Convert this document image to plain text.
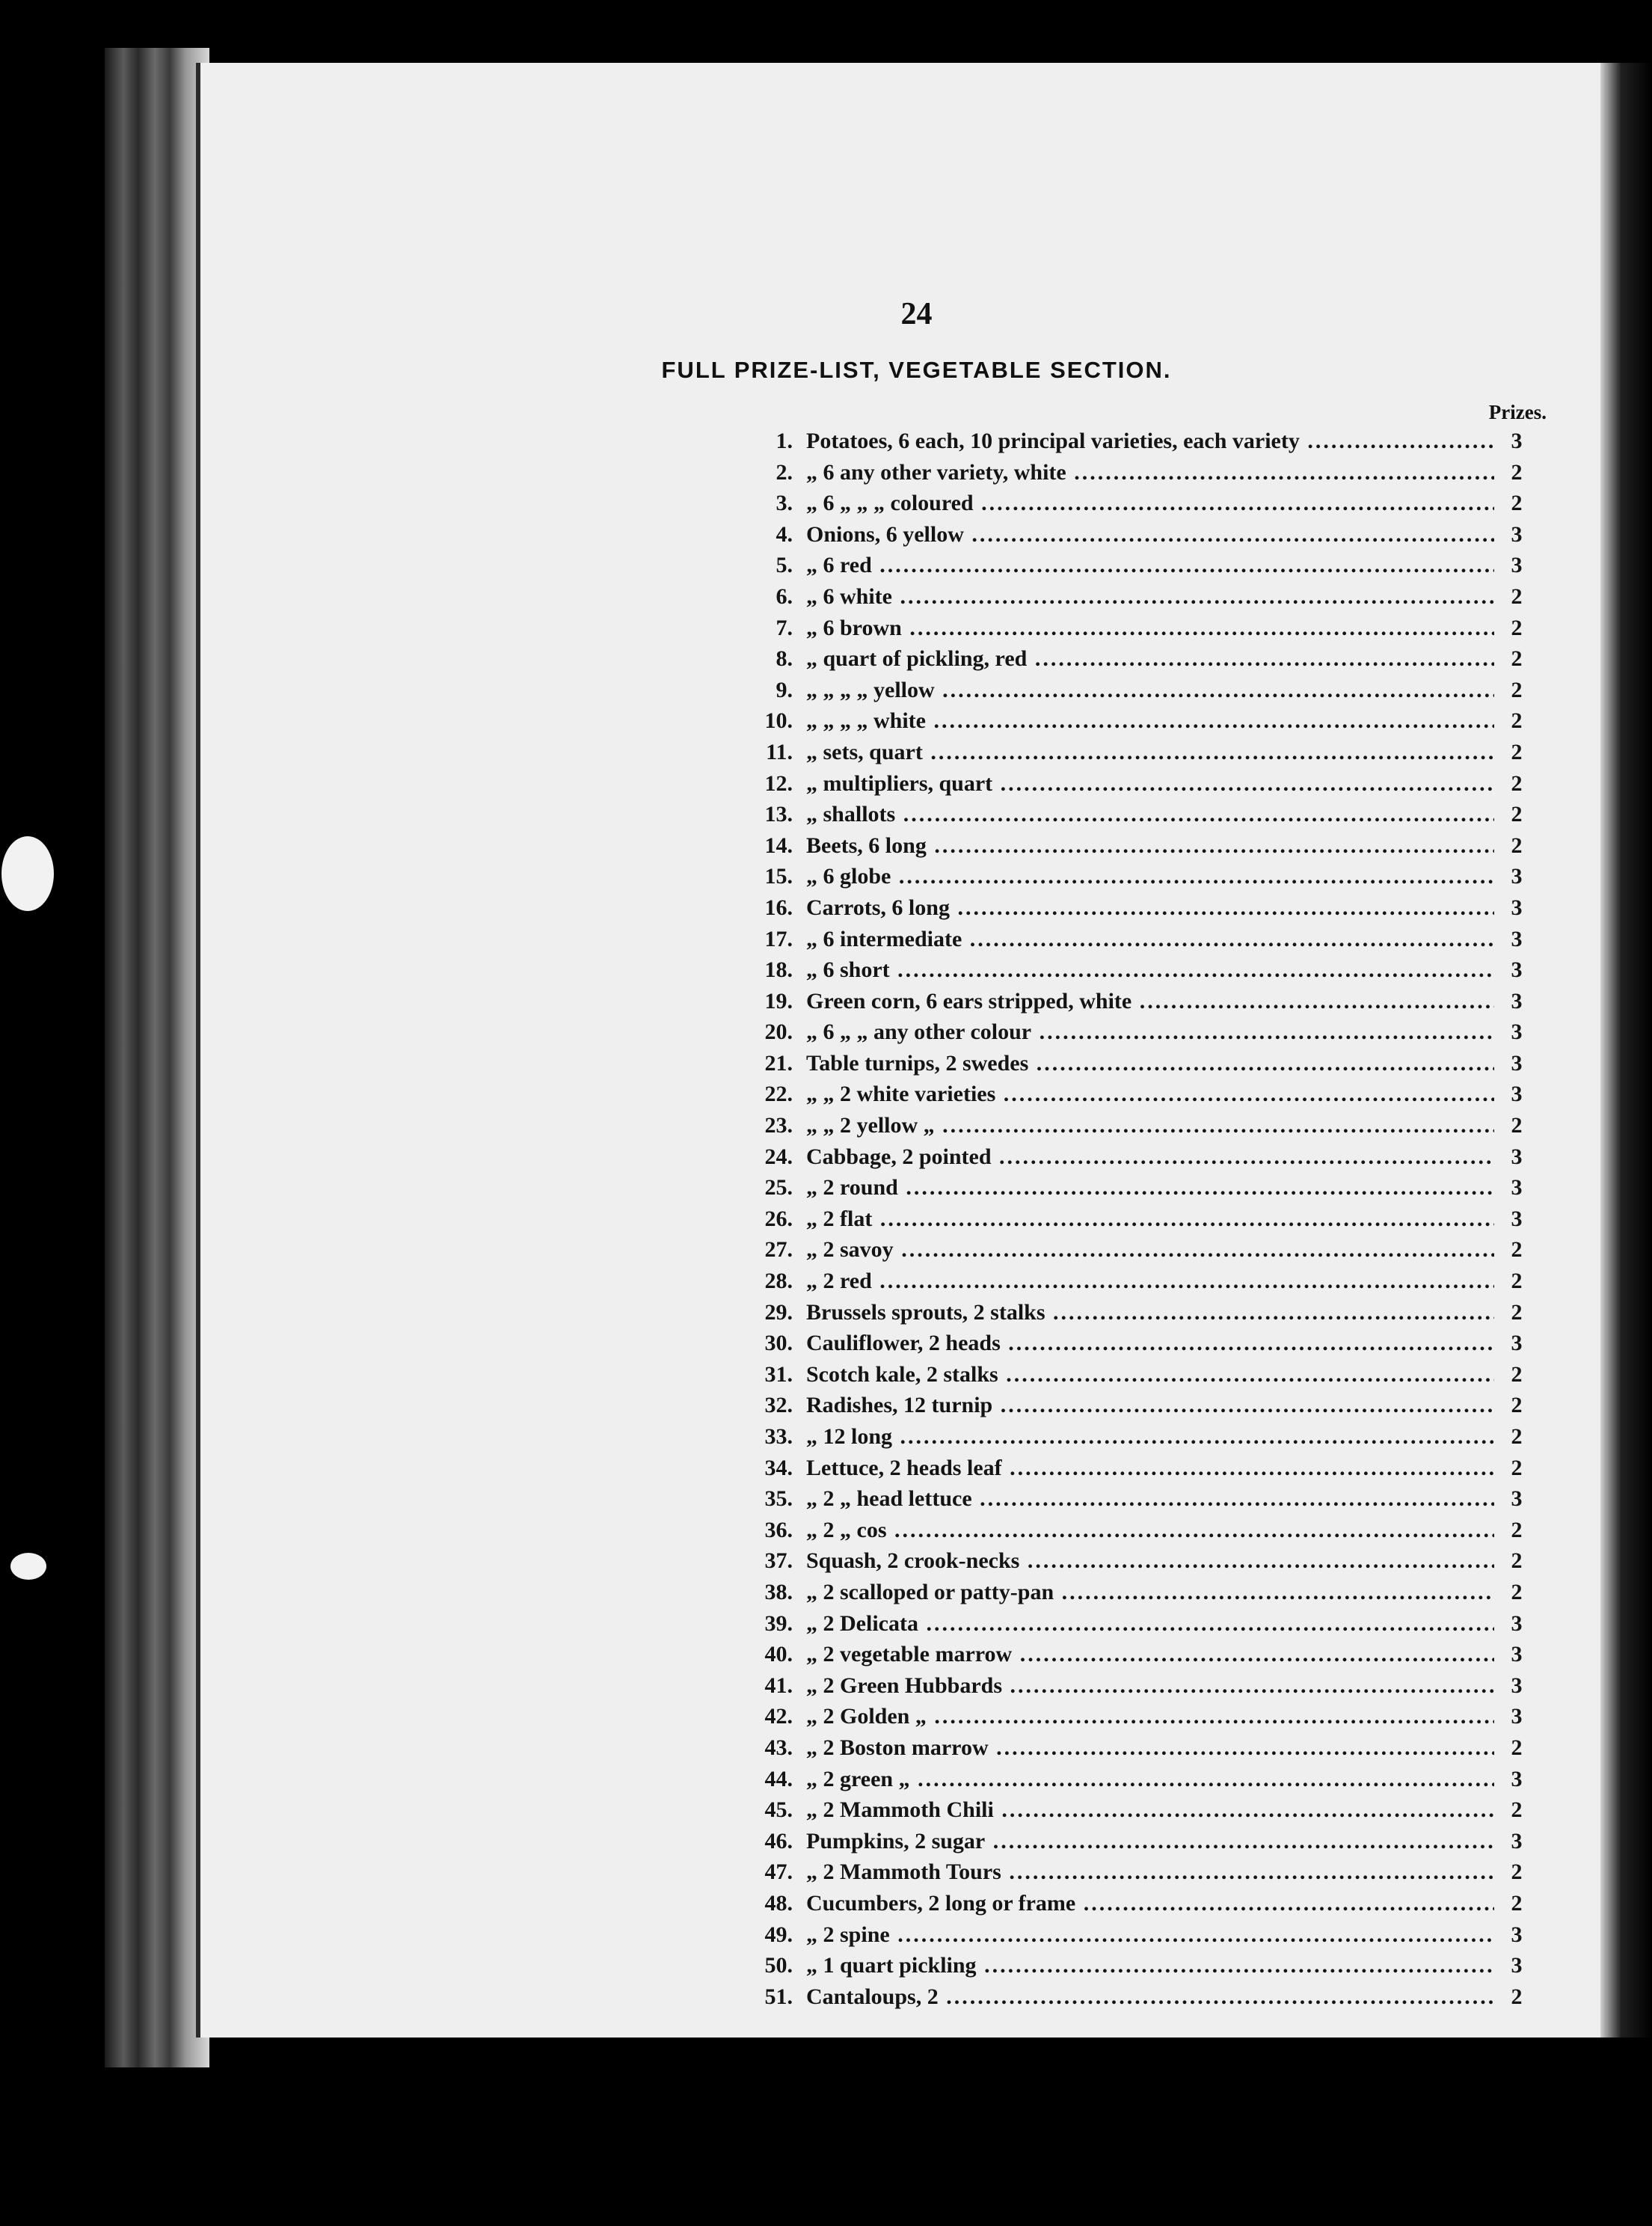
24
FULL PRIZE-LIST, VEGETABLE SECTION.
Prizes.
1. Potatoes, 6 each, 10 principal varieties, each variety .....	3
2. „ 6 any other variety, white .....	2
3. „ 6 „ „ „ coloured .....	2
4. Onions, 6 yellow .....	3
5. „ 6 red .....	3
6. „ 6 white .....	2
7. „ 6 brown .....	2
8. „ quart of pickling, red .....	2
9. „ „ „ „ yellow .....	2
10. „ „ „ „ white .....	2
11. „ sets, quart .....	2
12. „ multipliers, quart .....	2
13. „ shallots .....	2
14. Beets, 6 long .....	2
15. „ 6 globe .....	3
16. Carrots, 6 long .....	3
17. „ 6 intermediate .....	3
18. „ 6 short .....	3
19. Green corn, 6 ears stripped, white .....	3
20. „ 6 „ „ any other colour .....	3
21. Table turnips, 2 swedes .....	3
22. „ „ 2 white varieties .....	3
23. „ „ 2 yellow „ .....	2
24. Cabbage, 2 pointed .....	3
25. „ 2 round .....	3
26. „ 2 flat .....	3
27. „ 2 savoy .....	2
28. „ 2 red .....	2
29. Brussels sprouts, 2 stalks .....	2
30. Cauliflower, 2 heads .....	3
31. Scotch kale, 2 stalks .....	2
32. Radishes, 12 turnip .....	2
33. „ 12 long .....	2
34. Lettuce, 2 heads leaf .....	2
35. „ 2 „ head lettuce .....	3
36. „ 2 „ cos .....	2
37. Squash, 2 crook-necks .....	2
38. „ 2 scalloped or patty-pan .....	2
39. „ 2 Delicata .....	3
40. „ 2 vegetable marrow .....	3
41. „ 2 Green Hubbards .....	3
42. „ 2 Golden „ .....	3
43. „ 2 Boston marrow .....	2
44. „ 2 green „ .....	3
45. „ 2 Mammoth Chili .....	2
46. Pumpkins, 2 sugar .....	3
47. „ 2 Mammoth Tours .....	2
48. Cucumbers, 2 long or frame .....	2
49. „ 2 spine .....	3
50. „ 1 quart pickling .....	3
51. Cantaloups, 2 .....	2
